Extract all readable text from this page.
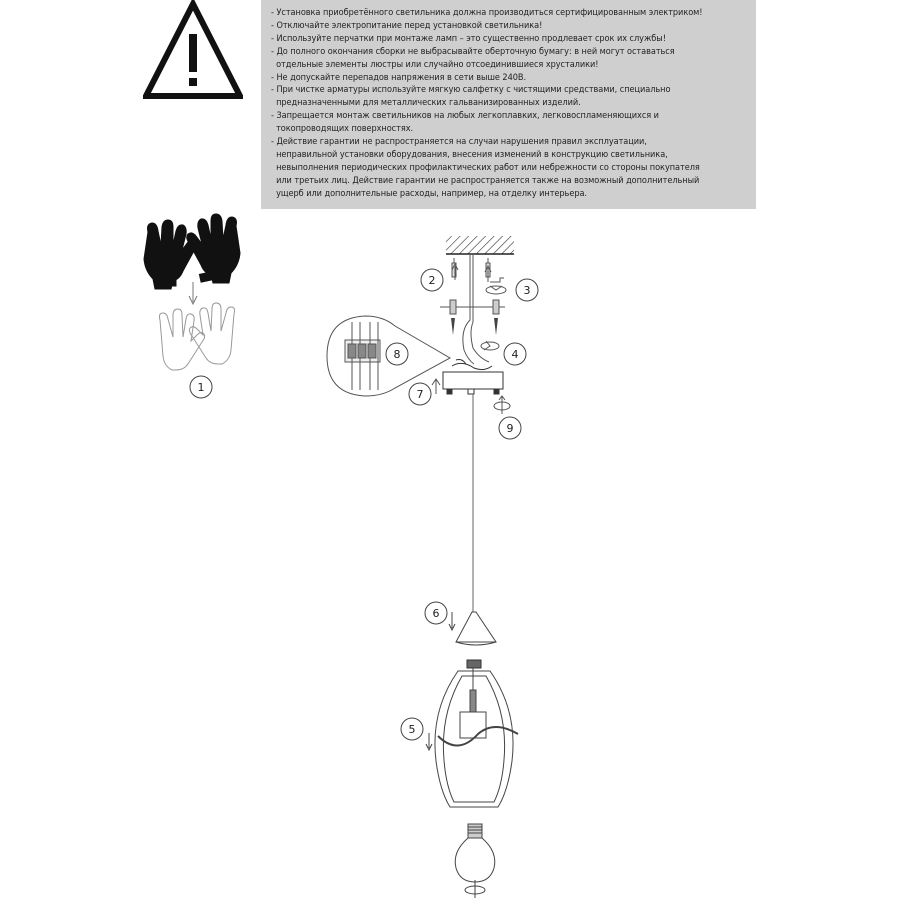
- Установка приобретённого светильника должна производиться сертифицированным электриком!
- Отключайте электропитание перед установкой светильника!
- Используйте перчатки при монтаже ламп – это существенно продлевает срок их службы!
- До полного окончания сборки не выбрасывайте оберточную бумагу: в ней могут оставаться
отдельные элементы люстры или случайно отсоединившиеся хрусталики!
- Не допускайте перепадов напряжения в сети выше 240В.
- При чистке арматуры используйте мягкую салфетку с чистящими средствами, специально
предназначенными для металлических гальванизированных изделий.
- Запрещается монтаж светильников на любых легкоплавких, легковоспламеняющихся и
токопроводящих поверхностях.
- Действие гарантии не распространяется на случаи нарушения правил эксплуатации,
неправильной установки оборудования, внесения изменений в конструкцию светильника,
невыполнения периодических профилактических работ или небрежности со стороны покупателя
или третьих лиц. Действие гарантии не распространяется также на возможный дополнительный
ущерб или дополнительные расходы, например, на отделку интерьера.
1
2
3
4
5
6
7
8
9
